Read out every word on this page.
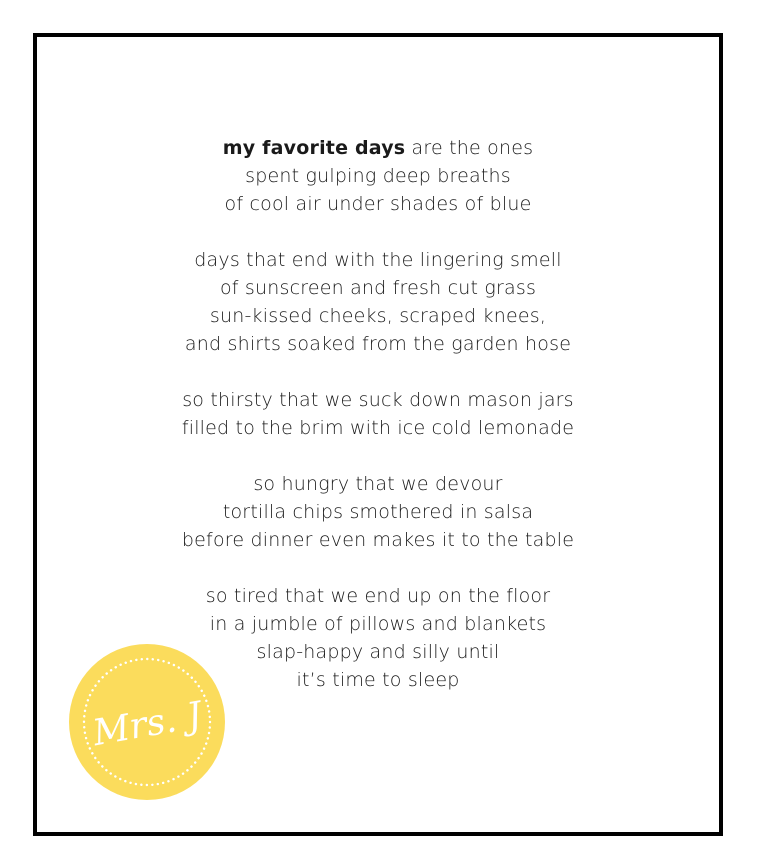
my favorite days are the ones
spent gulping deep breaths
of cool air under shades of blue
days that end with the lingering smell
of sunscreen and fresh cut grass
sun-kissed cheeks, scraped knees,
and shirts soaked from the garden hose
so thirsty that we suck down mason jars
filled to the brim with ice cold lemonade
so hungry that we devour
tortilla chips smothered in salsa
before dinner even makes it to the table
so tired that we end up on the floor
in a jumble of pillows and blankets
slap-happy and silly until
it’s time to sleep
Mrs. J
